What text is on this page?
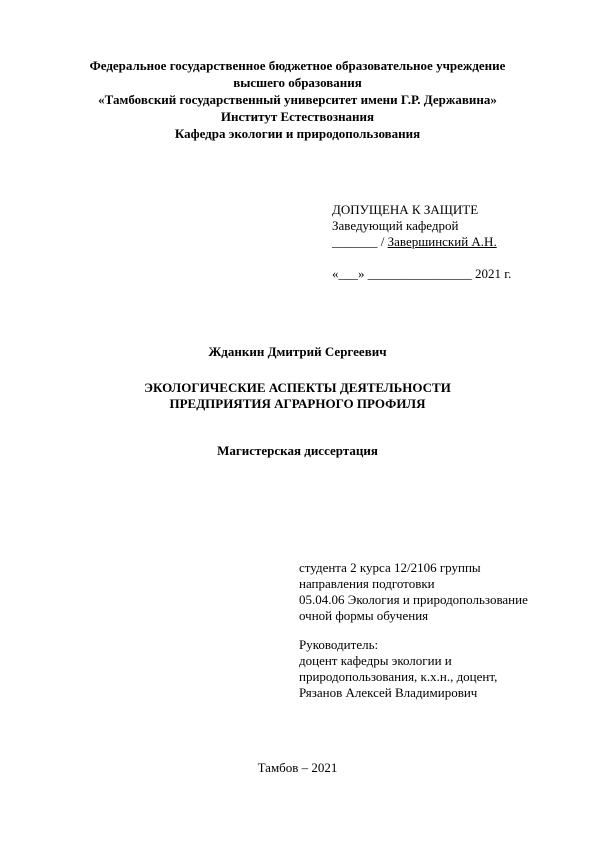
Федеральное государственное бюджетное образовательное учреждение
высшего образования
«Тамбовский государственный университет имени Г.Р. Державина»
Институт Естествознания
Кафедра экологии и природопользования
ДОПУЩЕНА К ЗАЩИТЕ
Заведующий кафедрой
_______ / Завершинский А.Н.
«___» ________________ 2021 г.
Жданкин Дмитрий Сергеевич
ЭКОЛОГИЧЕСКИЕ АСПЕКТЫ ДЕЯТЕЛЬНОСТИ
ПРЕДПРИЯТИЯ АГРАРНОГО ПРОФИЛЯ
Магистерская диссертация
студента 2 курса 12/2106 группы
направления подготовки
05.04.06 Экология и природопользование
очной формы обучения
Руководитель:
доцент кафедры экологии и
природопользования, к.х.н., доцент,
Рязанов Алексей Владимирович
Тамбов – 2021
